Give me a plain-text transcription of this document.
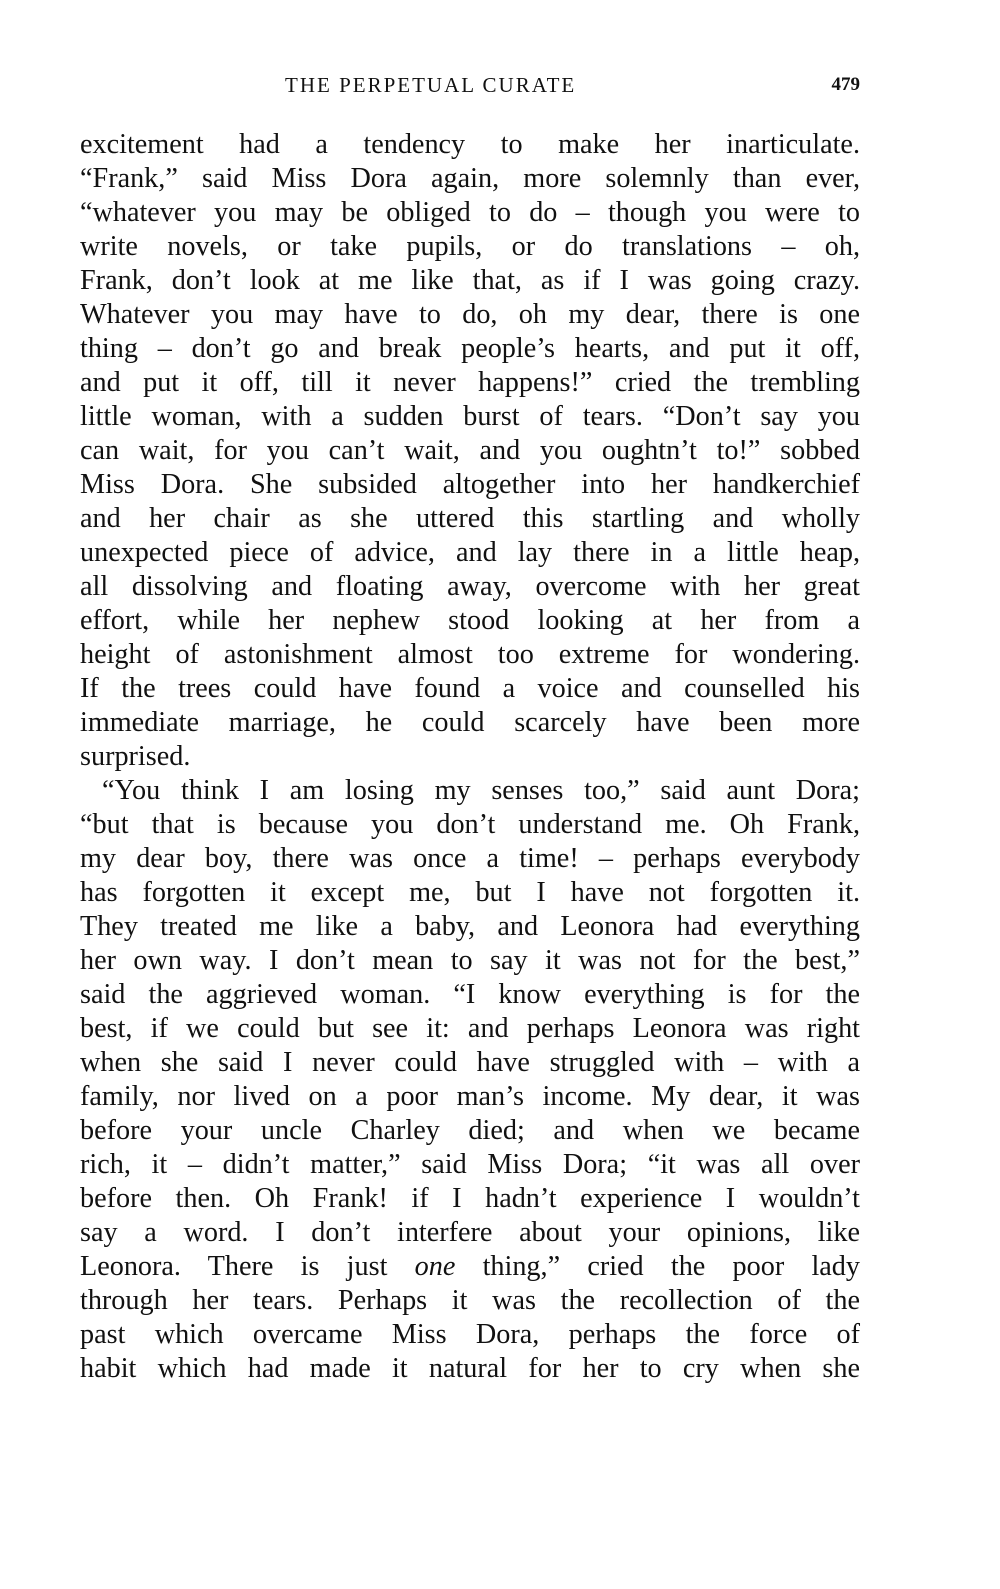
THE PERPETUAL CURATE	479
excitement had a tendency to make her inarticulate.
“Frank,” said Miss Dora again, more solemnly than ever,
“whatever you may be obliged to do – though you were to
write novels, or take pupils, or do translations – oh,
Frank, don’t look at me like that, as if I was going crazy.
Whatever you may have to do, oh my dear, there is one
thing – don’t go and break people’s hearts, and put it off,
and put it off, till it never happens!” cried the trembling
little woman, with a sudden burst of tears. “Don’t say you
can wait, for you can’t wait, and you oughtn’t to!” sobbed
Miss Dora. She subsided altogether into her handkerchief
and her chair as she uttered this startling and wholly
unexpected piece of advice, and lay there in a little heap,
all dissolving and floating away, overcome with her great
effort, while her nephew stood looking at her from a
height of astonishment almost too extreme for wondering.
If the trees could have found a voice and counselled his
immediate marriage, he could scarcely have been more
surprised.
“You think I am losing my senses too,” said aunt Dora;
“but that is because you don’t understand me. Oh Frank,
my dear boy, there was once a time! – perhaps everybody
has forgotten it except me, but I have not forgotten it.
They treated me like a baby, and Leonora had everything
her own way. I don’t mean to say it was not for the best,”
said the aggrieved woman. “I know everything is for the
best, if we could but see it: and perhaps Leonora was right
when she said I never could have struggled with – with a
family, nor lived on a poor man’s income. My dear, it was
before your uncle Charley died; and when we became
rich, it – didn’t matter,” said Miss Dora; “it was all over
before then. Oh Frank! if I hadn’t experience I wouldn’t
say a word. I don’t interfere about your opinions, like
Leonora. There is just one thing,” cried the poor lady
through her tears. Perhaps it was the recollection of the
past which overcame Miss Dora, perhaps the force of
habit which had made it natural for her to cry when she
